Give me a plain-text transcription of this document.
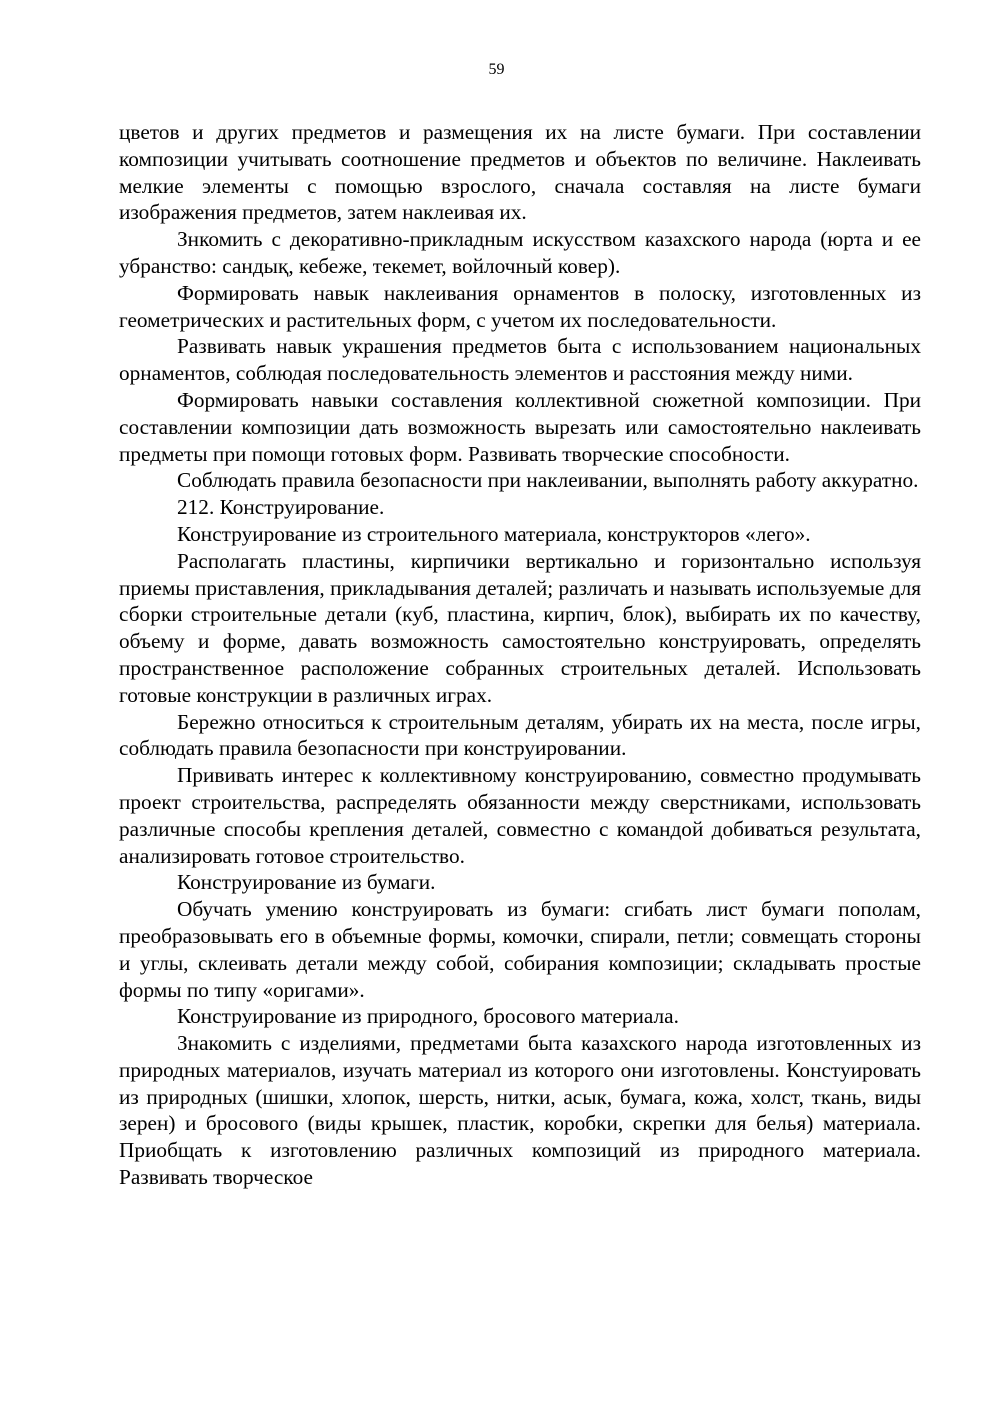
59

цветов и других предметов и размещения их на листе бумаги. При составлении композиции учитывать соотношение предметов и объектов по величине. Наклеивать мелкие элементы с помощью взрослого, сначала составляя на листе бумаги изображения предметов, затем наклеивая их.

Знкомить с декоративно-прикладным искусством казахского народа (юрта и ее убранство: сандық, кебеже, текемет, войлочный ковер).

Формировать навык наклеивания орнаментов в полоску, изготовленных из геометрических и растительных форм, с учетом их последовательности.

Развивать навык украшения предметов быта с использованием национальных орнаментов, соблюдая последовательность элементов и расстояния между ними.

Формировать навыки составления коллективной сюжетной композиции. При составлении композиции дать возможность вырезать или самостоятельно наклеивать предметы при помощи готовых форм. Развивать творческие способности.

Соблюдать правила безопасности при наклеивании, выполнять работу аккуратно.

212. Конструирование.

Конструирование из строительного материала, конструкторов «лего».

Располагать пластины, кирпичики вертикально и горизонтально используя приемы приставления, прикладывания деталей; различать и называть используемые для сборки строительные детали (куб, пластина, кирпич, блок), выбирать их по качеству, объему и форме, давать возможность самостоятельно конструировать, определять пространственное расположение собранных строительных деталей. Использовать готовые конструкции в различных играх.

Бережно относиться к строительным деталям, убирать их на места, после игры, соблюдать правила безопасности при конструировании.

Прививать интерес к коллективному конструированию, совместно продумывать проект строительства, распределять обязанности между сверстниками, использовать различные способы крепления деталей, совместно с командой добиваться результата, анализировать готовое строительство.

Конструирование из бумаги.

Обучать умению конструировать из бумаги: сгибать лист бумаги пополам, преобразовывать его в объемные формы, комочки, спирали, петли; совмещать стороны и углы, склеивать детали между собой, собирания композиции; складывать простые формы по типу «оригами».

Конструирование из природного, бросового материала.

Знакомить с изделиями, предметами быта казахского народа изготовленных из природных материалов, изучать материал из которого они изготовлены. Констуировать из природных (шишки, хлопок, шерсть, нитки, асык, бумага, кожа, холст, ткань, виды зерен) и бросового (виды крышек, пластик, коробки, скрепки для белья) материала. Приобщать к изготовлению различных композиций из природного материала. Развивать творческое
